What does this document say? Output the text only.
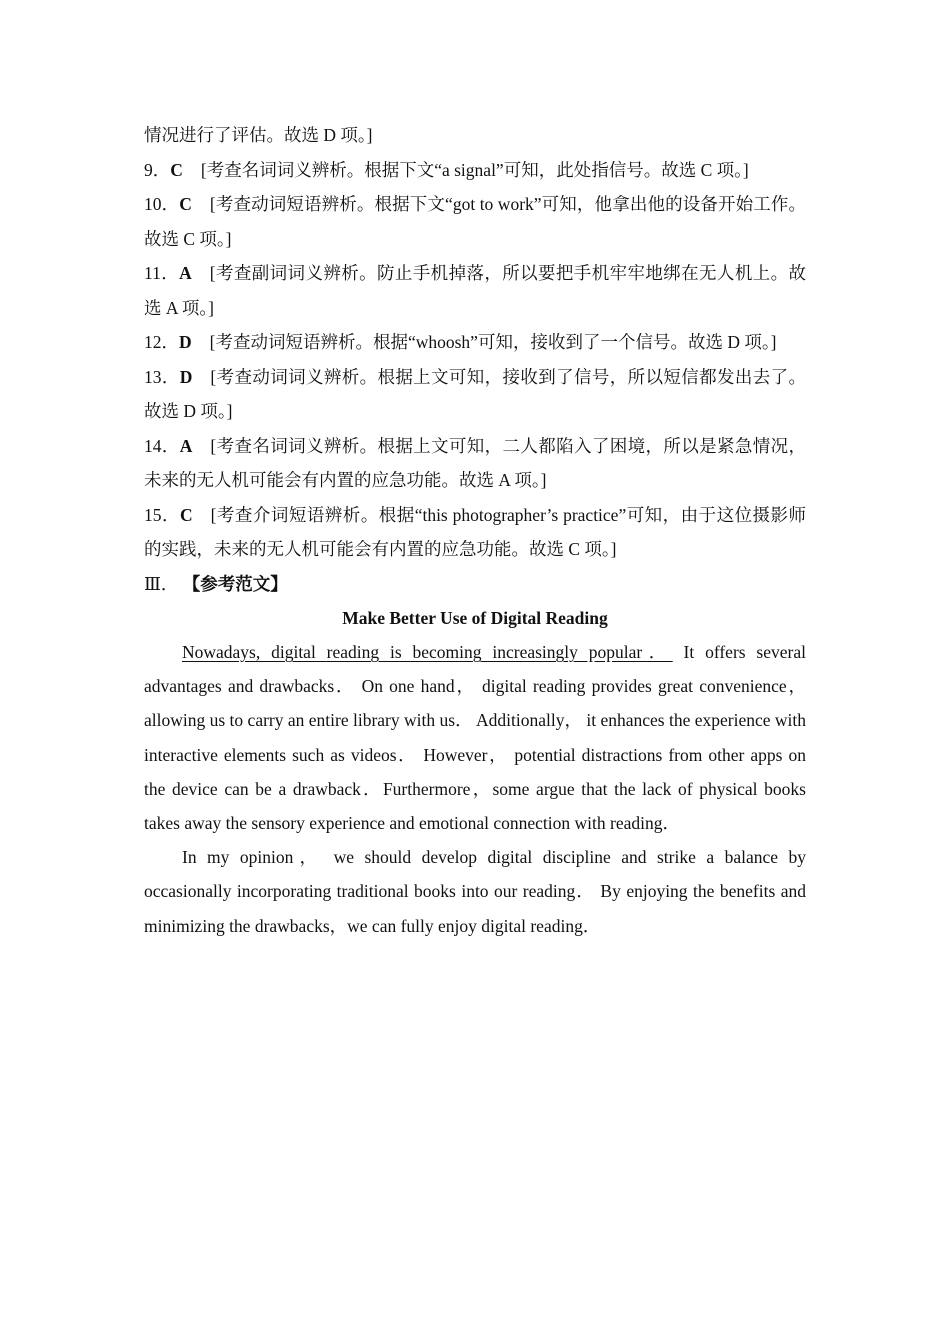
情况进行了评估。故选 D 项。]

9．C [考查名词词义辨析。根据下文“a signal”可知，此处指信号。故选 C 项。]

10．C [考查动词短语辨析。根据下文“got to work”可知，他拿出他的设备开始工作。故选 C 项。]

11．A [考查副词词义辨析。防止手机掉落，所以要把手机牢牢地绑在无人机上。故选 A 项。]

12．D [考查动词短语辨析。根据“whoosh”可知，接收到了一个信号。故选 D 项。]

13．D [考查动词词义辨析。根据上文可知，接收到了信号，所以短信都发出去了。故选 D 项。]

14．A [考查名词词义辨析。根据上文可知，二人都陷入了困境，所以是紧急情况，未来的无人机可能会有内置的应急功能。故选 A 项。]

15．C [考查介词短语辨析。根据“this photographer’s practice”可知，由于这位摄影师的实践，未来的无人机可能会有内置的应急功能。故选 C 项。]

Ⅲ． 【参考范文】

Make Better Use of Digital Reading

Nowadays, digital reading is becoming increasingly popular． It offers several advantages and drawbacks． On one hand， digital reading provides great convenience， allowing us to carry an entire library with us． Additionally， it enhances the experience with interactive elements such as videos． However， potential distractions from other apps on the device can be a drawback．Furthermore，some argue that the lack of physical books takes away the sensory experience and emotional connection with reading．

In my opinion， we should develop digital discipline and strike a balance by occasionally incorporating traditional books into our reading． By enjoying the benefits and minimizing the drawbacks，we can fully enjoy digital reading．
